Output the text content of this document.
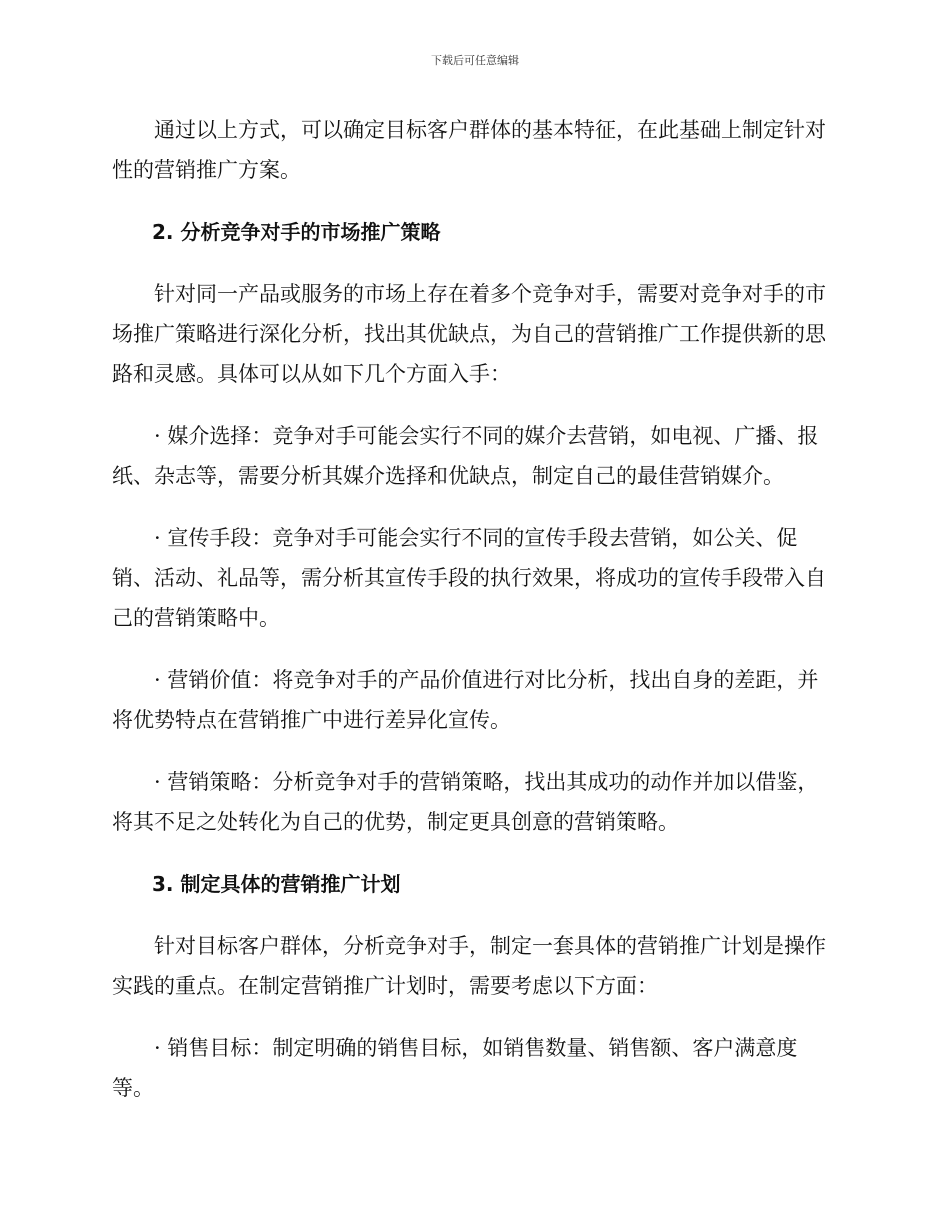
下载后可任意编辑

通过以上方式，可以确定目标客户群体的基本特征，在此基础上制定针对性的营销推广方案。

2. 分析竞争对手的市场推广策略

针对同一产品或服务的市场上存在着多个竞争对手，需要对竞争对手的市场推广策略进行深化分析，找出其优缺点，为自己的营销推广工作提供新的思路和灵感。具体可以从如下几个方面入手：

· 媒介选择：竞争对手可能会实行不同的媒介去营销，如电视、广播、报纸、杂志等，需要分析其媒介选择和优缺点，制定自己的最佳营销媒介。

· 宣传手段：竞争对手可能会实行不同的宣传手段去营销，如公关、促销、活动、礼品等，需分析其宣传手段的执行效果，将成功的宣传手段带入自己的营销策略中。

· 营销价值：将竞争对手的产品价值进行对比分析，找出自身的差距，并将优势特点在营销推广中进行差异化宣传。

· 营销策略：分析竞争对手的营销策略，找出其成功的动作并加以借鉴，将其不足之处转化为自己的优势，制定更具创意的营销策略。

3. 制定具体的营销推广计划

针对目标客户群体，分析竞争对手，制定一套具体的营销推广计划是操作实践的重点。在制定营销推广计划时，需要考虑以下方面：

· 销售目标：制定明确的销售目标，如销售数量、销售额、客户满意度等。
